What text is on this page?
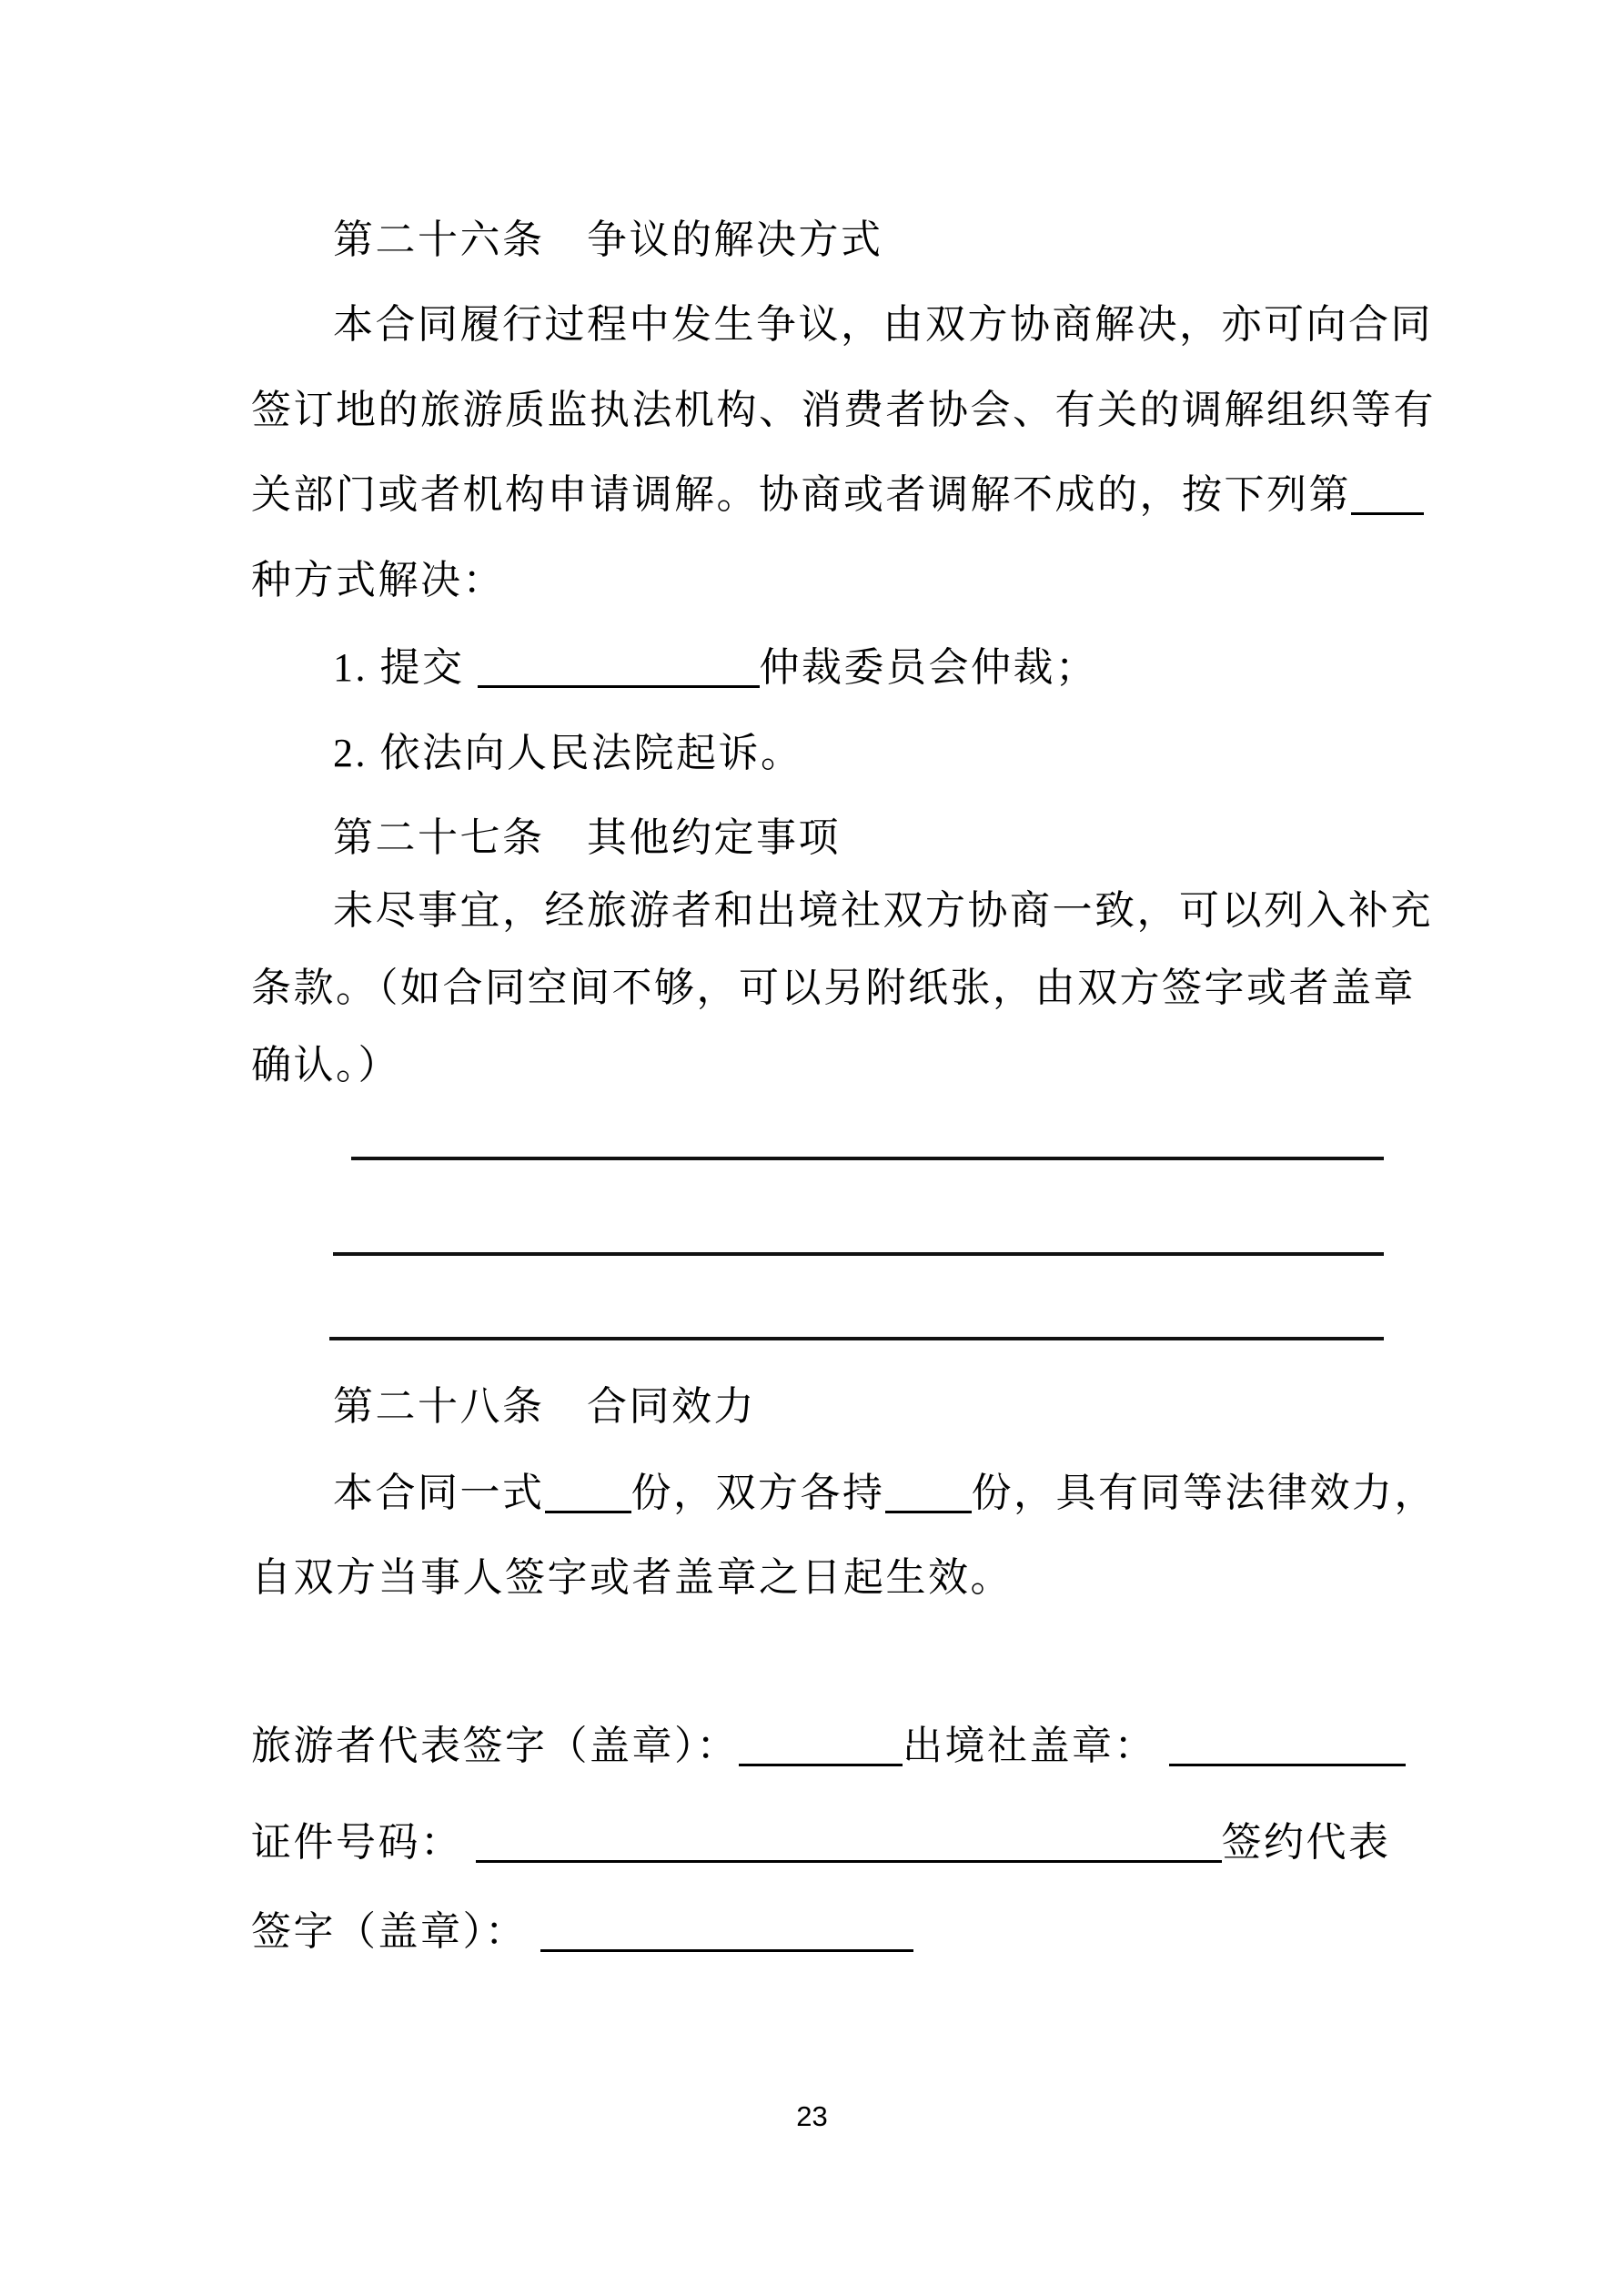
第二十六条　争议的解决方式
本合同履行过程中发生争议，由双方协商解决，亦可向合同
签订地的旅游质监执法机构、消费者协会、有关的调解组织等有
关部门或者机构申请调解。协商或者调解不成的，按下列第
种方式解决：
1. 提交	仲裁委员会仲裁；
2. 依法向人民法院起诉。
第二十七条　其他约定事项
未尽事宜，经旅游者和出境社双方协商一致，可以列入补充
条款。（如合同空间不够，可以另附纸张，由双方签字或者盖章
确认。）
第二十八条　合同效力
本合同一式 份，双方各持 份，具有同等法律效力，
自双方当事人签字或者盖章之日起生效。
旅游者代表签字（盖章）：	出境社盖章：
证件号码：	签约代表
签字（盖章）：
23
